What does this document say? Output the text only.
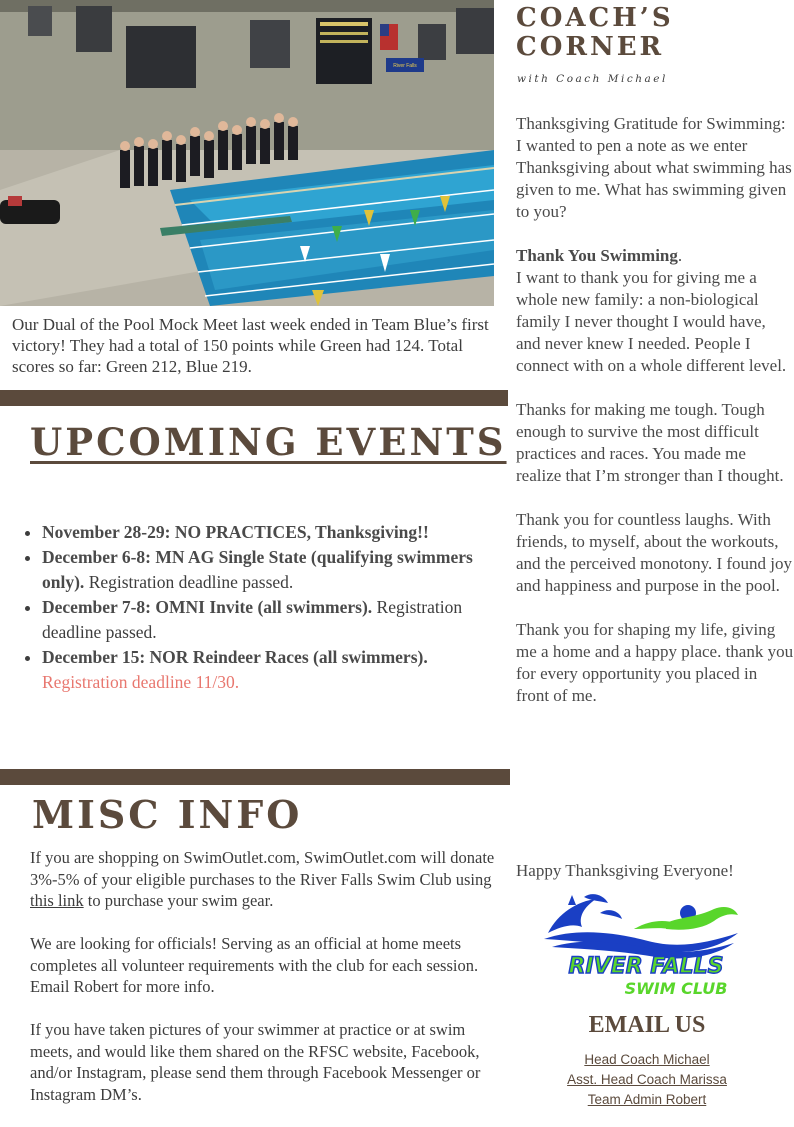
River Falls

Our Dual of the Pool Mock Meet last week ended in Team Blue’s first victory! They had a total of 150 points while Green had 124. Total scores so far: Green 212, Blue 219.

UPCOMING EVENTS
• November 28-29: NO PRACTICES, Thanksgiving!!
• December 6-8: MN AG Single State (qualifying swimmers only). Registration deadline passed.
• December 7-8: OMNI Invite (all swimmers). Registration deadline passed.
• December 15: NOR Reindeer Races (all swimmers). Registration deadline 11/30.
MISC INFO

If you are shopping on SwimOutlet.com, SwimOutlet.com will donate 3%-5% of your eligible purchases to the River Falls Swim Club using this link to purchase your swim gear.

We are looking for officials! Serving as an official at home meets completes all volunteer requirements with the club for each session. Email Robert for more info.

If you have taken pictures of your swimmer at practice or at swim meets, and would like them shared on the RFSC website, Facebook, and/or Instagram, please send them through Facebook Messenger or Instagram DM’s.

COACH’S
CORNER
with Coach Michael

Thanksgiving Gratitude for Swimming: I wanted to pen a note as we enter Thanksgiving about what swimming has given to me. What has swimming given to you?

Thank You Swimming.
I want to thank you for giving me a whole new family: a non-biological family I never thought I would have, and never knew I needed. People I connect with on a whole different level.

Thanks for making me tough. Tough enough to survive the most difficult practices and races. You made me realize that I’m stronger than I thought.

Thank you for countless laughs. With friends, to myself, about the workouts, and the perceived monotony. I found joy and happiness and purpose in the pool.

Thank you for shaping my life, giving me a home and a happy place. thank you for every opportunity you placed in front of me.

Happy Thanksgiving Everyone!

RIVER FALLS
SWIM CLUB
EMAIL US
Head Coach Michael
Asst. Head Coach Marissa
Team Admin Robert
